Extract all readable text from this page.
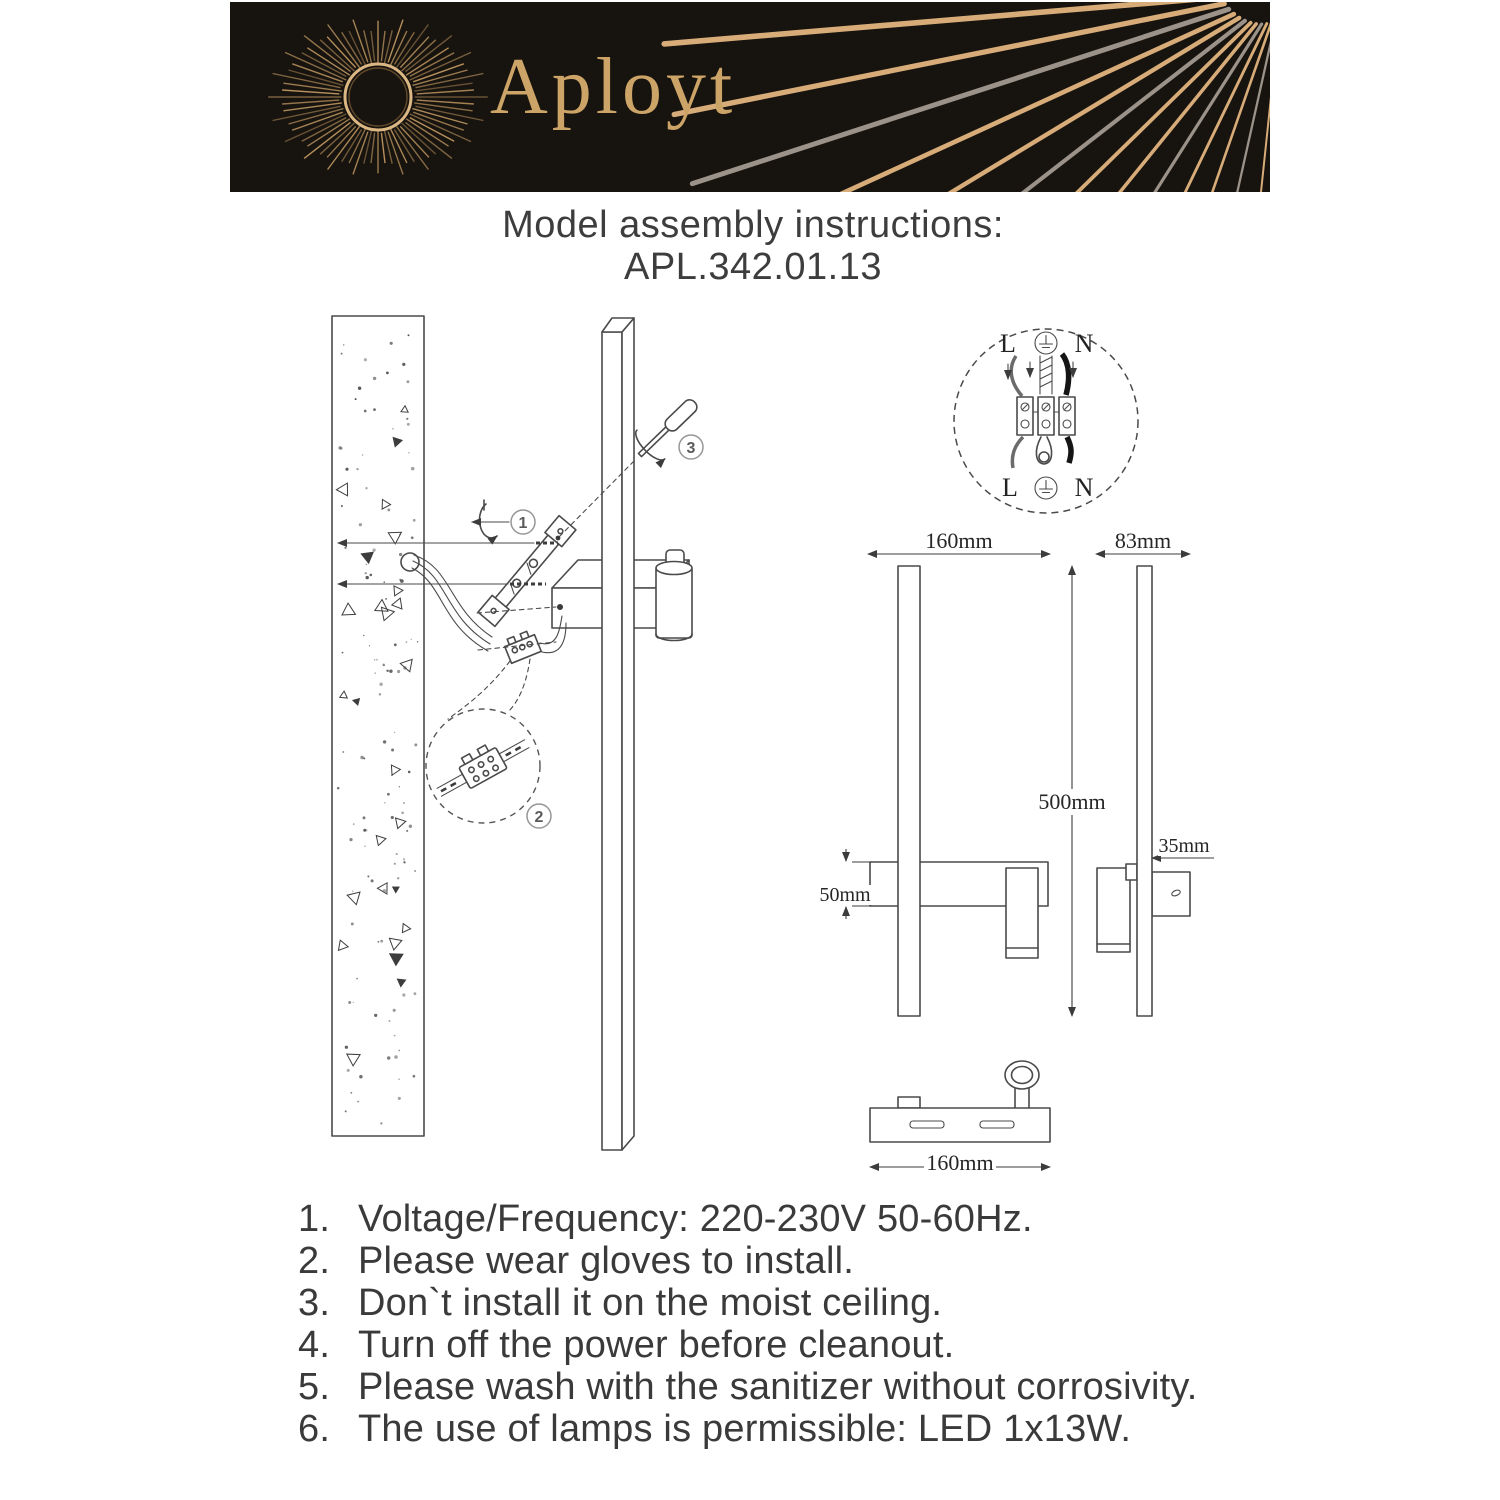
Aployt
Model assembly instructions:
APL.342.01.13
2
1
3
L N
L N
160mm
500mm
50mm
83mm
35mm
160mm
1. Voltage/Frequency: 220-230V 50-60Hz.
2. Please wear gloves to install.
3. Don`t install it on the moist ceiling.
4. Turn off the power before cleanout.
5. Please wash with the sanitizer without corrosivity.
6. The use of lamps is permissible: LED 1x13W.
